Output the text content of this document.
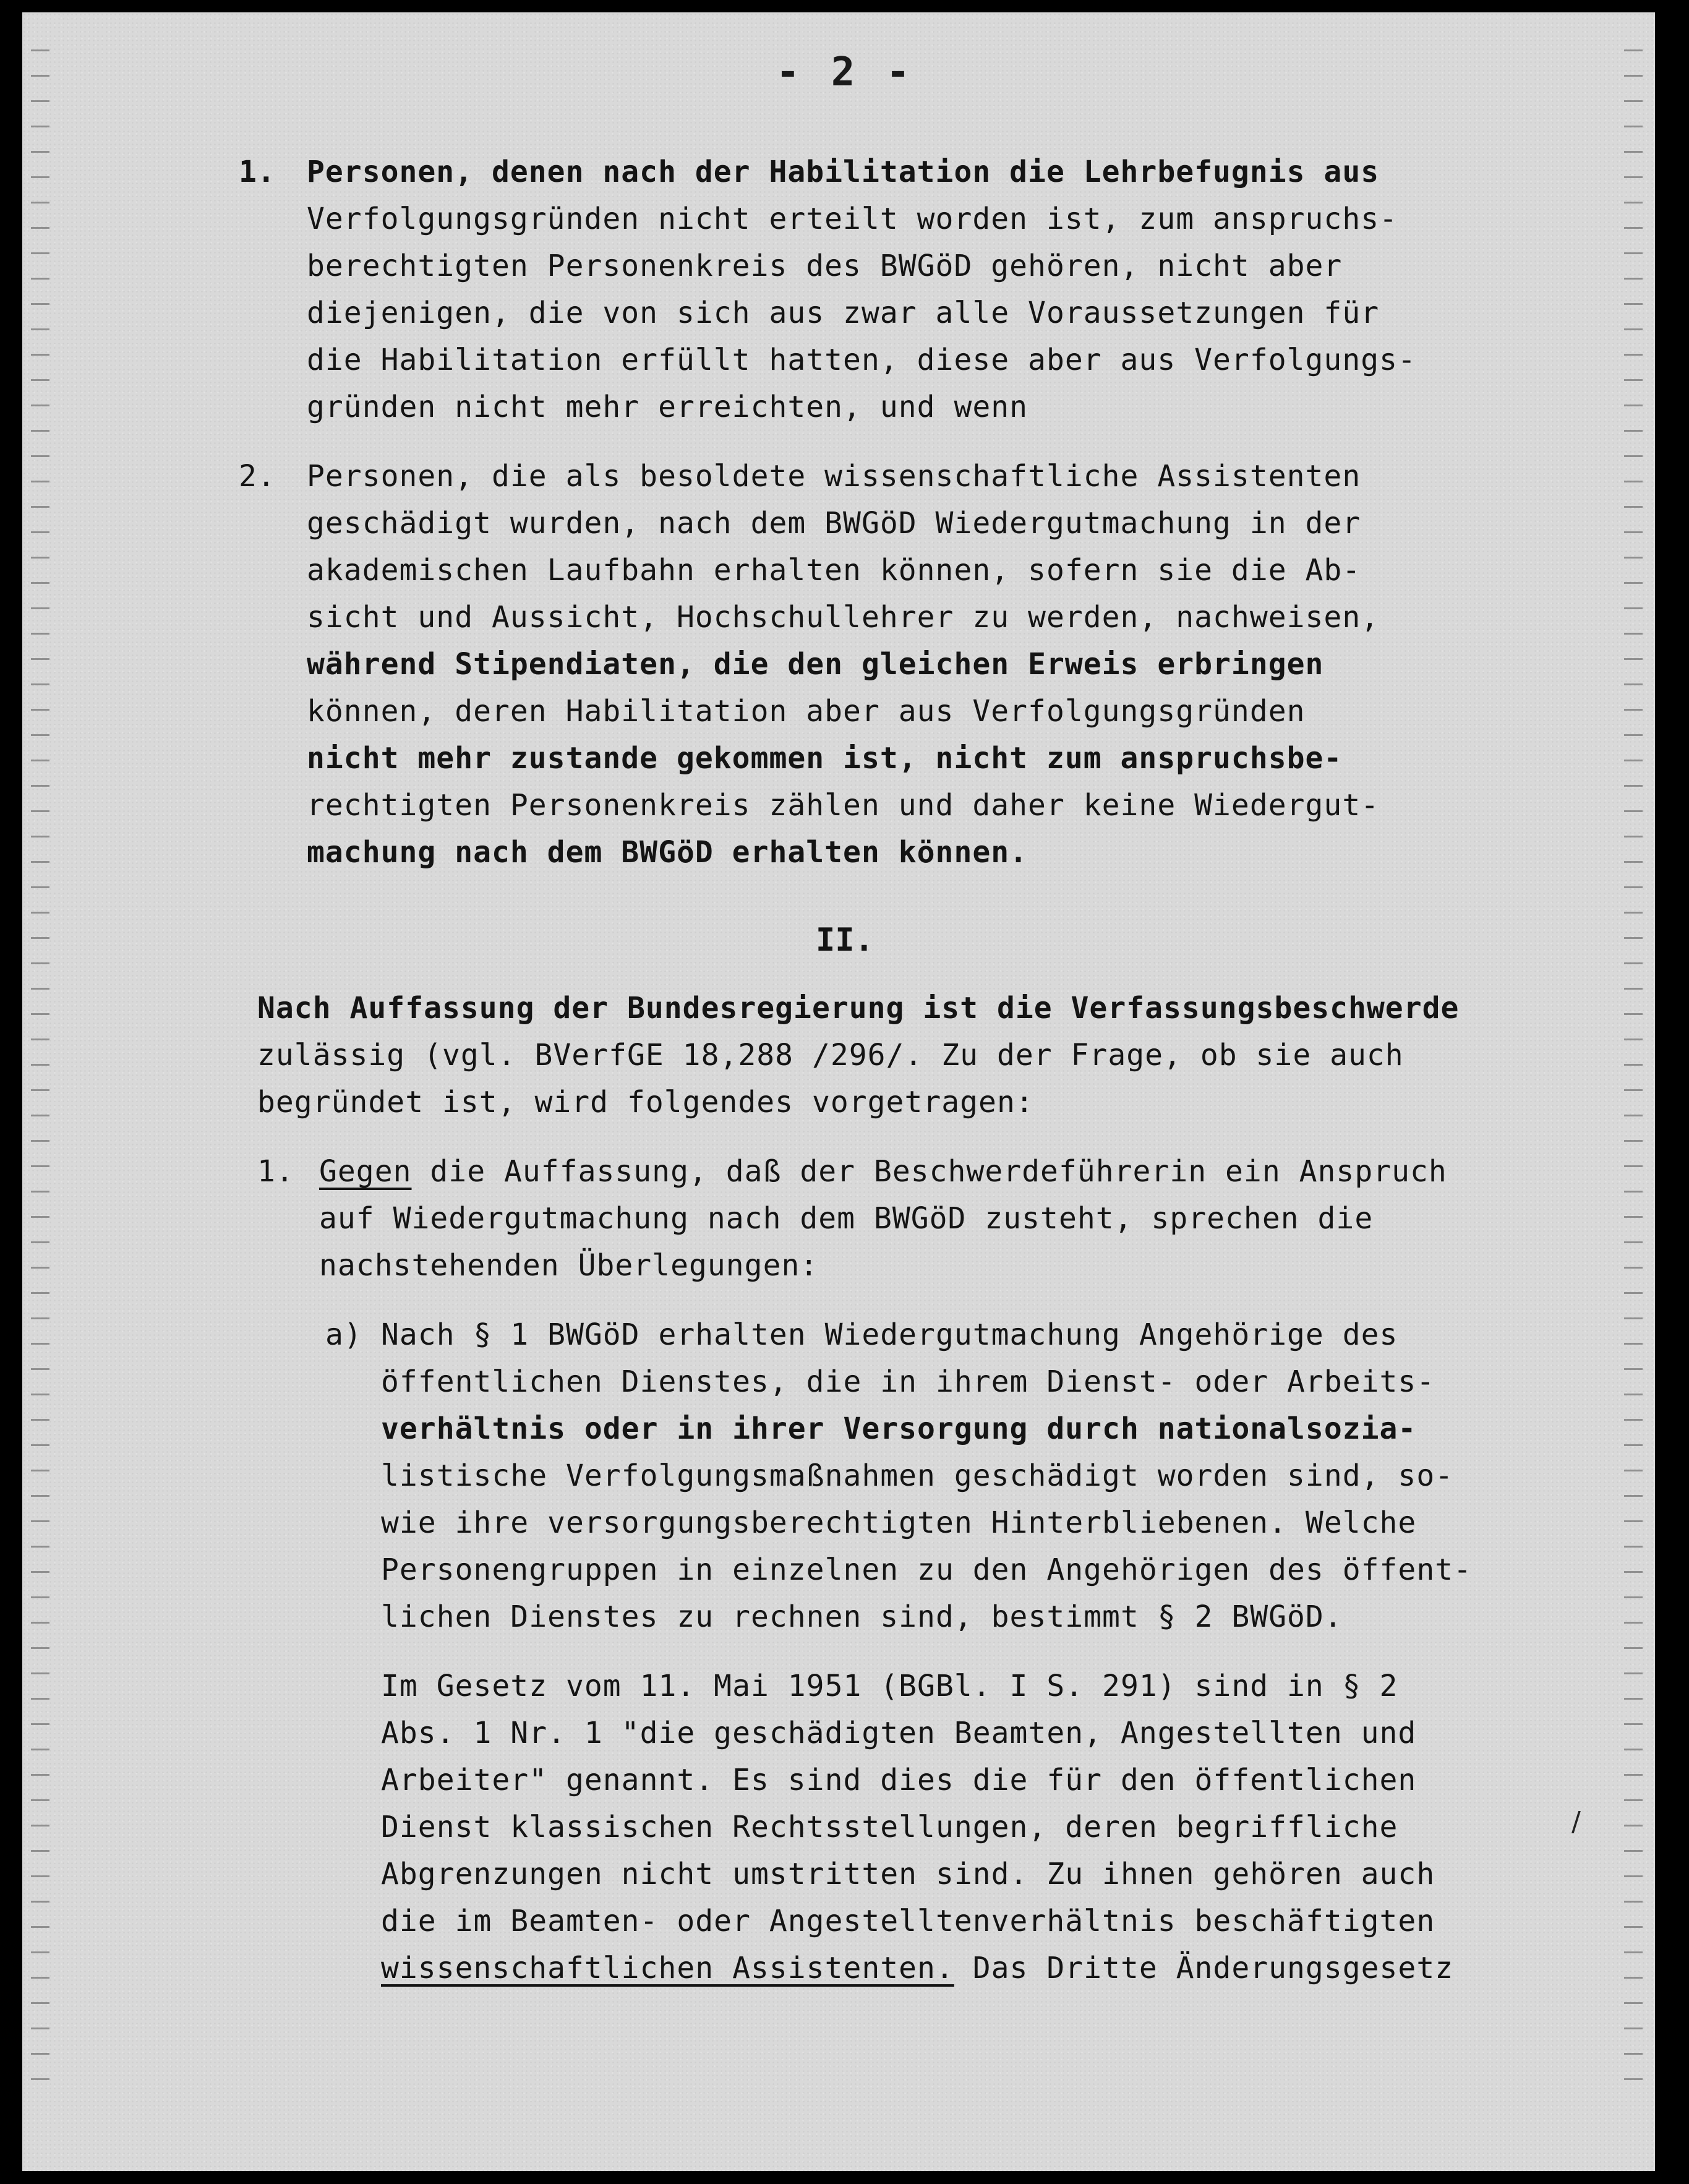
- 2 -
1. Personen, denen nach der Habilitation die Lehrbefugnis aus
Verfolgungsgründen nicht erteilt worden ist, zum anspruchs-
berechtigten Personenkreis des BWGöD gehören, nicht aber
diejenigen, die von sich aus zwar alle Voraussetzungen für
die Habilitation erfüllt hatten, diese aber aus Verfolgungs-
gründen nicht mehr erreichten, und wenn
2. Personen, die als besoldete wissenschaftliche Assistenten
geschädigt wurden, nach dem BWGöD Wiedergutmachung in der
akademischen Laufbahn erhalten können, sofern sie die Ab-
sicht und Aussicht, Hochschullehrer zu werden, nachweisen,
während Stipendiaten, die den gleichen Erweis erbringen
können, deren Habilitation aber aus Verfolgungsgründen
nicht mehr zustande gekommen ist, nicht zum anspruchsbe-
rechtigten Personenkreis zählen und daher keine Wiedergut-
machung nach dem BWGöD erhalten können.
II.
Nach Auffassung der Bundesregierung ist die Verfassungsbeschwerde
zulässig (vgl. BVerfGE 18,288 /296/. Zu der Frage, ob sie auch
begründet ist, wird folgendes vorgetragen:
1. Gegen die Auffassung, daß der Beschwerdeführerin ein Anspruch
auf Wiedergutmachung nach dem BWGöD zusteht, sprechen die
nachstehenden Überlegungen:
a) Nach § 1 BWGöD erhalten Wiedergutmachung Angehörige des
öffentlichen Dienstes, die in ihrem Dienst- oder Arbeits-
verhältnis oder in ihrer Versorgung durch nationalsozia-
listische Verfolgungsmaßnahmen geschädigt worden sind, so-
wie ihre versorgungsberechtigten Hinterbliebenen. Welche
Personengruppen in einzelnen zu den Angehörigen des öffent-
lichen Dienstes zu rechnen sind, bestimmt § 2 BWGöD.
Im Gesetz vom 11. Mai 1951 (BGBl. I S. 291) sind in § 2
Abs. 1 Nr. 1 "die geschädigten Beamten, Angestellten und
Arbeiter" genannt. Es sind dies die für den öffentlichen
Dienst klassischen Rechtsstellungen, deren begriffliche
Abgrenzungen nicht umstritten sind. Zu ihnen gehören auch
die im Beamten- oder Angestelltenverhältnis beschäftigten
wissenschaftlichen Assistenten. Das Dritte Änderungsgesetz
/
